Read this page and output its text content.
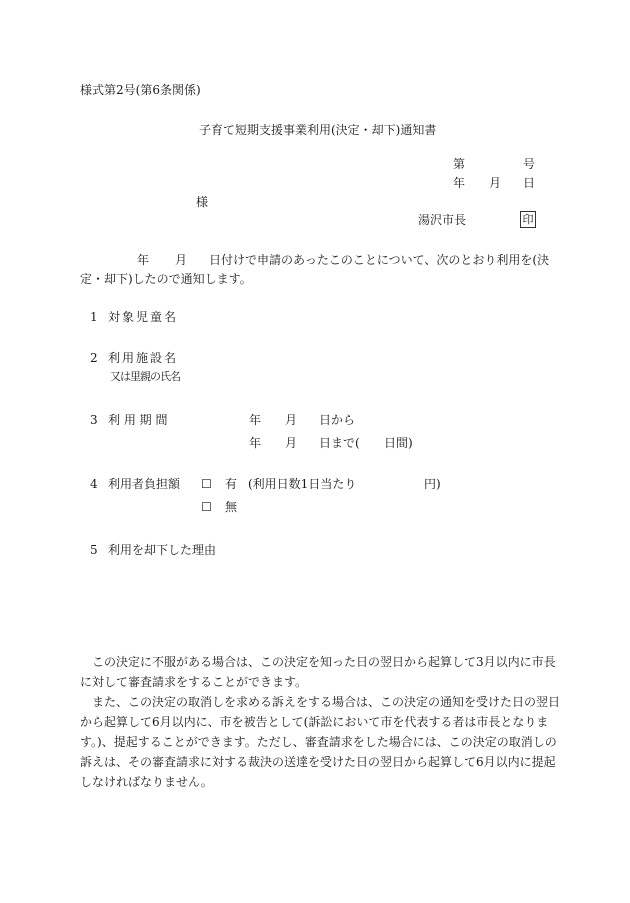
様式第2号(第6条関係)
子育て短期支援事業利用(決定・却下)通知書
第	号
年 月 日
様
湯沢市長	印
年 月 日付けで申請のあったこのことについて、次のとおり利用を(決
定・却下)したので通知します。
1 対象児童名
2 利用施設名
又は里親の氏名
3 利 用 期 間	年 月 日から
年 月 日まで( 日間)
4 利用者負担額 ☐ 有 (利用日数1日当たり	円)
☐ 無
5 利用を却下した理由

この決定に不服がある場合は、この決定を知った日の翌日から起算して3月以内に市長に対して審査請求をすることができます。

また、この決定の取消しを求める訴えをする場合は、この決定の通知を受けた日の翌日から起算して6月以内に、市を被告として(訴訟において市を代表する者は市長となります。)、提起することができます。ただし、審査請求をした場合には、この決定の取消しの訴えは、その審査請求に対する裁決の送達を受けた日の翌日から起算して6月以内に提起しなければなりません。
